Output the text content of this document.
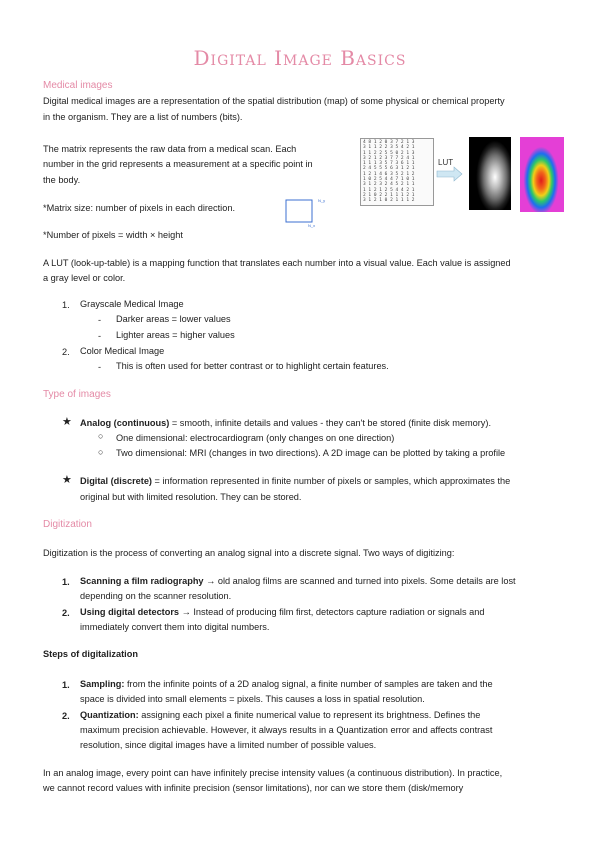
Digital Image Basics
Medical images
Digital medical images are a representation of the spatial distribution (map) of some physical or chemical property
in the organism. They are a list of numbers (bits).
The matrix represents the raw data from a medical scan. Each
number in the grid represents a measurement at a specific point in
the body.
*Matrix size: number of pixels in each direction.
N_y
N_x
*Number of pixels = width × height
4 8 1 2 0 3 7 2 1 3
3 1 1 2 2 3 5 4 2 1
1 1 2 2 5 5 0 2 1 3
3 2 1 2 3 7 7 2 4 1
1 1 1 3 5 7 3 6 1 1
2 4 5 5 5 6 3 1 2 1
1 2 1 4 6 3 5 2 1 2
1 0 2 5 4 4 7 1 0 1
3 1 2 3 2 4 5 2 1 1
1 1 2 1 2 5 4 4 2 1
2 1 0 2 2 1 1 1 2 1
3 1 2 1 0 2 1 1 1 2
LUT
A LUT (look-up-table) is a mapping function that translates each number into a visual value. Each value is assigned
a gray level or color.
1. Grayscale Medical Image
- Darker areas = lower values
- Lighter areas = higher values
2. Color Medical Image
- This is often used for better contrast or to highlight certain features.
Type of images
★ Analog (continuous) = smooth, infinite details and values - they can't be stored (finite disk memory).
○ One dimensional: electrocardiogram (only changes on one direction)
○ Two dimensional: MRI (changes in two directions). A 2D image can be plotted by taking a profile
★ Digital (discrete) = information represented in finite number of pixels or samples, which approximates the
original but with limited resolution. They can be stored.
Digitization
Digitization is the process of converting an analog signal into a discrete signal. Two ways of digitizing:
1. Scanning a film radiography → old analog films are scanned and turned into pixels. Some details are lost
depending on the scanner resolution.
2. Using digital detectors → Instead of producing film first, detectors capture radiation or signals and
immediately convert them into digital numbers.
Steps of digitalization
1. Sampling: from the infinite points of a 2D analog signal, a finite number of samples are taken and the
space is divided into small elements = pixels. This causes a loss in spatial resolution.
2. Quantization: assigning each pixel a finite numerical value to represent its brightness. Defines the
maximum precision achievable. However, it always results in a Quantization error and affects contrast
resolution, since digital images have a limited number of possible values.
In an analog image, every point can have infinitely precise intensity values (a continuous distribution). In practice,
we cannot record values with infinite precision (sensor limitations), nor can we store them (disk/memory
